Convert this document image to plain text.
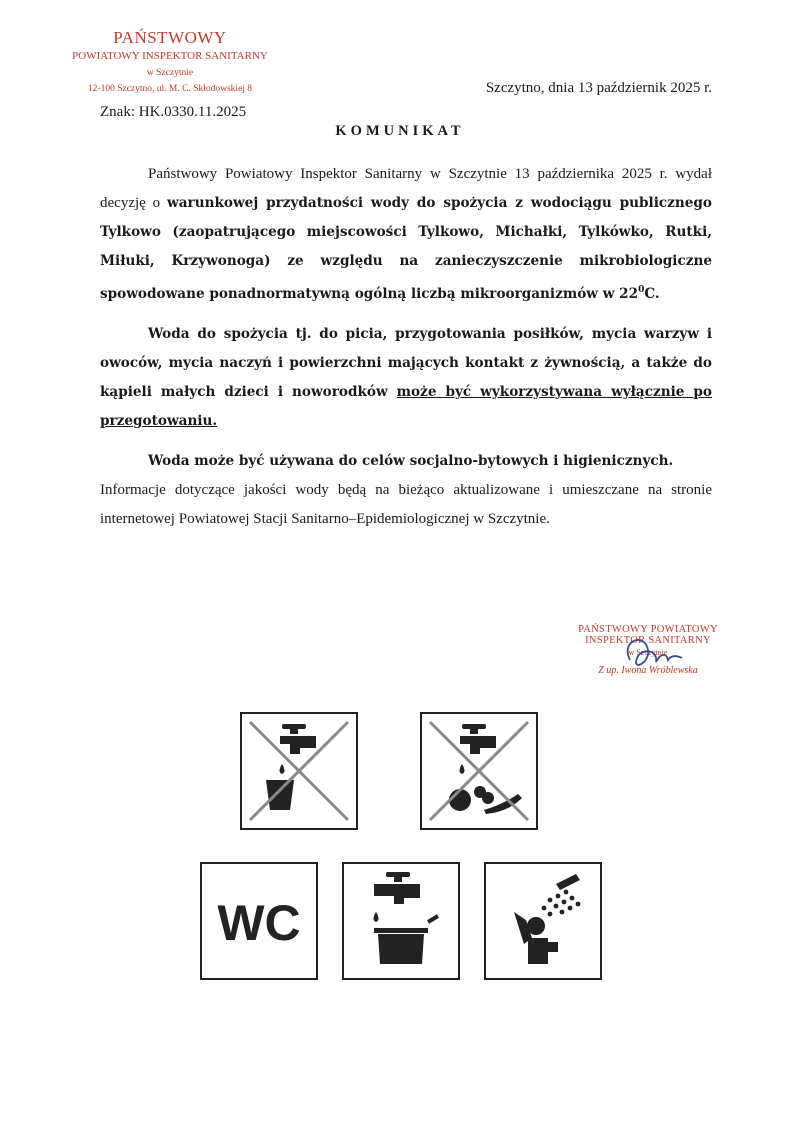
PAŃSTWOWY
POWIATOWY INSPEKTOR SANITARNY
w Szczytnie
12-100 Szczytno, ul. M. C. Skłodowskiej 8	Szczytno, dnia 13 październik 2025 r.
Znak: HK.0330.11.2025
KOMUNIKAT

Państwowy Powiatowy Inspektor Sanitarny w Szczytnie 13 października 2025 r. wydał decyzję o warunkowej przydatności wody do spożycia z wodociągu publicznego Tylkowo (zaopatrującego miejscowości Tylkowo, Michałki, Tylkówko, Rutki, Miłuki, Krzywonoga) ze względu na zanieczyszczenie mikrobiologiczne spowodowane ponadnormatywną ogólną liczbą mikroorganizmów w $22^0C$.

Woda do spożycia tj. do picia, przygotowania posiłków, mycia warzyw i owoców, mycia naczyń i powierzchni mających kontakt z żywnością, a także do kąpieli małych dzieci i noworodków może być wykorzystywana wyłącznie po przegotowaniu.

Woda może być używana do celów socjalno-bytowych i higienicznych.

Informacje dotyczące jakości wody będą na bieżąco aktualizowane i umieszczane na stronie internetowej Powiatowej Stacji Sanitarno–Epidemiologicznej w Szczytnie.

PAŃSTWOWY POWIATOWY
INSPEKTOR SANITARNY
w Szczytnie
Z up. Iwona Wróblewska
WC
